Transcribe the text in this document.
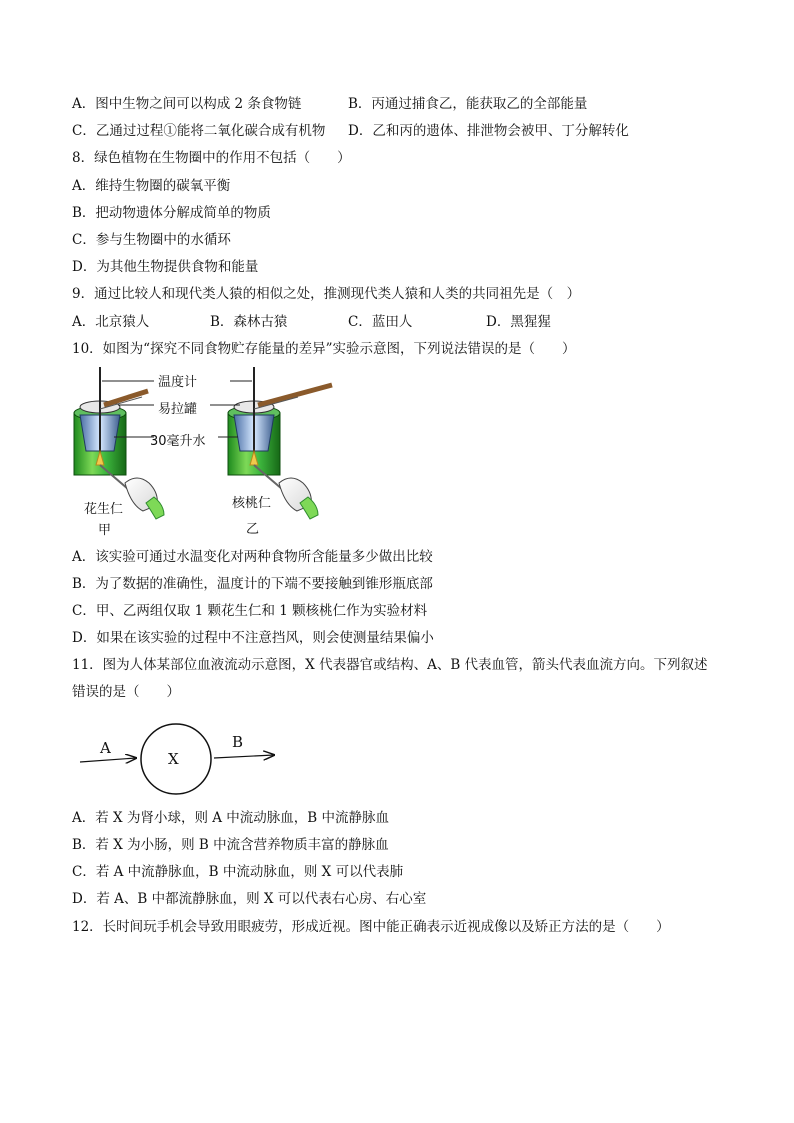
A．图中生物之间可以构成 2 条食物链	B．丙通过捕食乙，能获取乙的全部能量
C．乙通过过程①能将二氧化碳合成有机物 D．乙和丙的遗体、排泄物会被甲、丁分解转化
8．绿色植物在生物圈中的作用不包括（　　）
A．维持生物圈的碳氧平衡
B．把动物遗体分解成简单的物质
C．参与生物圈中的水循环
D．为其他生物提供食物和能量
9．通过比较人和现代类人猿的相似之处，推测现代类人猿和人类的共同祖先是（　）
A．北京猿人	B．森林古猿	C．蓝田人	D．黑猩猩
10．如图为“探究不同食物贮存能量的差异”实验示意图，下列说法错误的是（　　）
温度计
易拉罐
30毫升水
花生仁
甲
核桃仁
乙
A．该实验可通过水温变化对两种食物所含能量多少做出比较
B．为了数据的准确性，温度计的下端不要接触到锥形瓶底部
C．甲、乙两组仅取 1 颗花生仁和 1 颗核桃仁作为实验材料
D．如果在该实验的过程中不注意挡风，则会使测量结果偏小
11．图为人体某部位血液流动示意图，X 代表器官或结构、A、B 代表血管，箭头代表血流方向。下列叙述
错误的是（　　）
A
X
B
A．若 X 为肾小球，则 A 中流动脉血，B 中流静脉血
B．若 X 为小肠，则 B 中流含营养物质丰富的静脉血
C．若 A 中流静脉血，B 中流动脉血，则 X 可以代表肺
D．若 A、B 中都流静脉血，则 X 可以代表右心房、右心室
12．长时间玩手机会导致用眼疲劳，形成近视。图中能正确表示近视成像以及矫正方法的是（　　）
